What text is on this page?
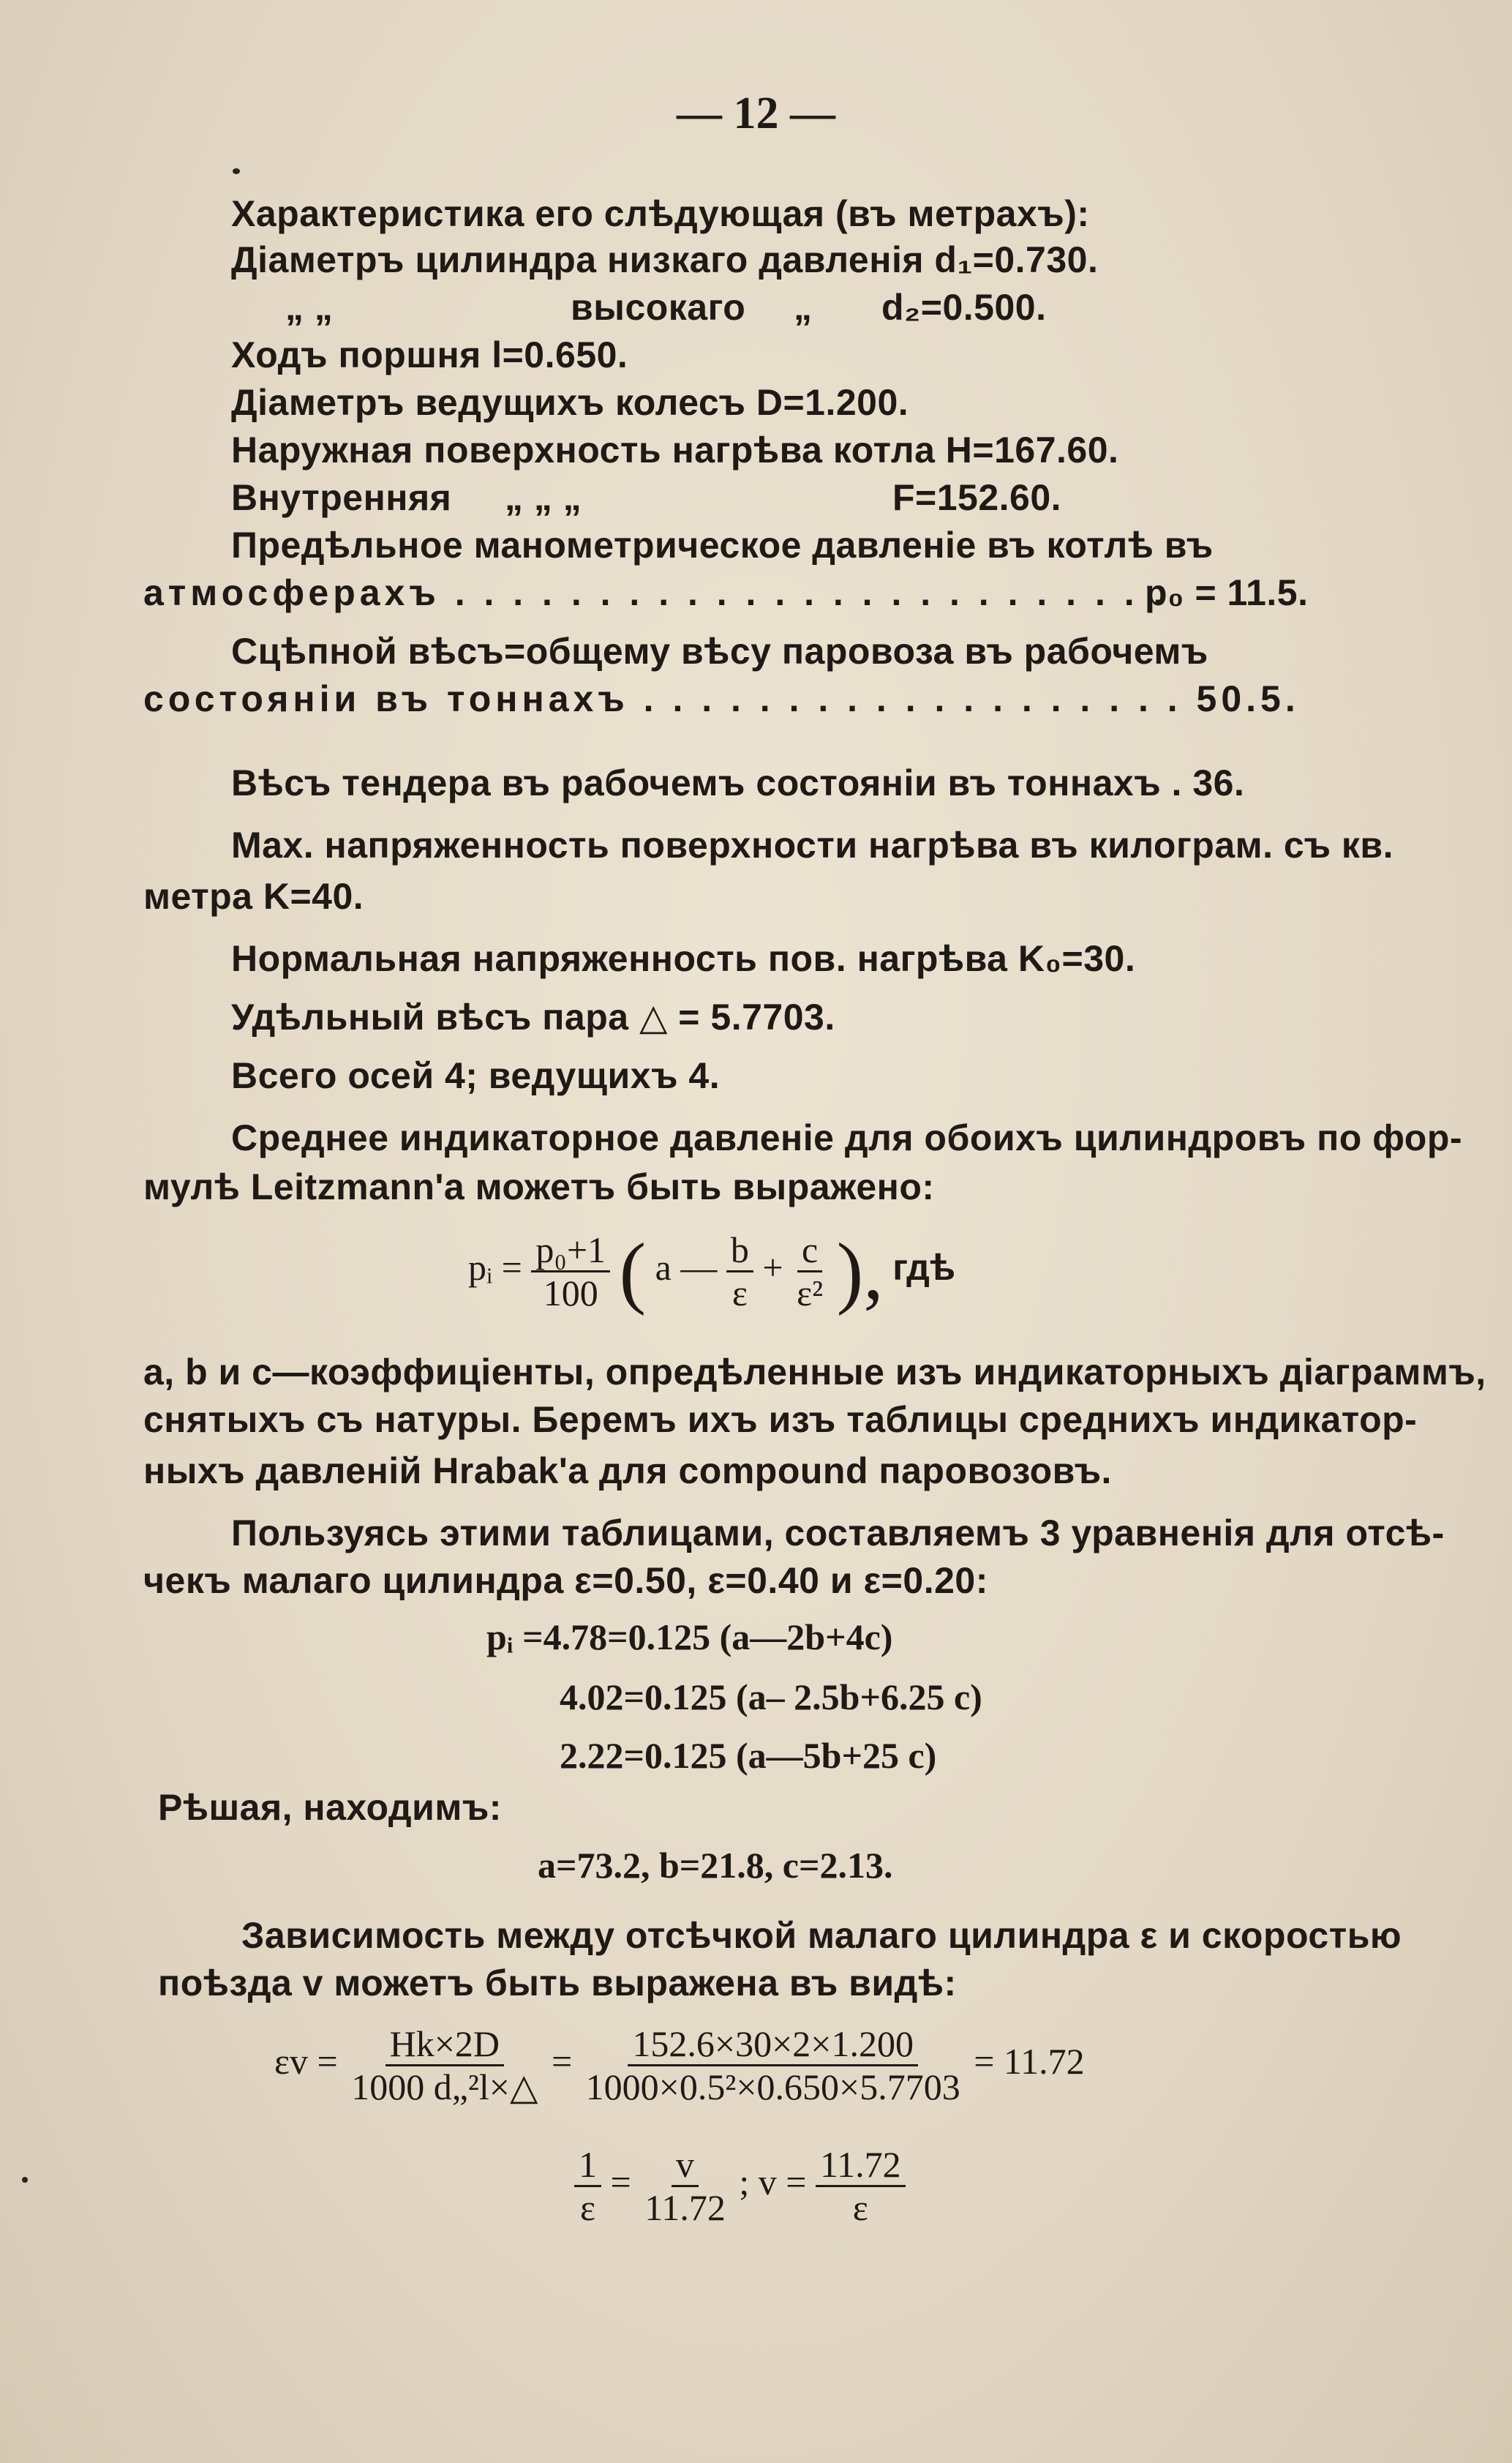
— 12 —
Характеристика его слѣдующая (въ метрахъ):
Діаметръ цилиндра низкаго давленія d₁=0.730.
„ „	высокаго „ d₂=0.500.
Ходъ поршня l=0.650.
Діаметръ ведущихъ колесъ D=1.200.
Наружная поверхность нагрѣва котла H=167.60.
Внутренняя „ „ „	F=152.60.
Предѣльное манометрическое давленіе въ котлѣ въ
атмосферахъ . . . . . . . . . . . . . . . . . . . . . . . . .
p₀ = 11.5.
Сцѣпной вѣсъ=общему вѣсу паровоза въ рабочемъ
состояніи въ тоннахъ . . . . . . . . . . . . . . . . . . . 50.5.
Вѣсъ тендера въ рабочемъ состояніи въ тоннахъ . 36.
Max. напряженность поверхности нагрѣва въ килограм. съ кв.
метра K=40.
Нормальная напряженность пов. нагрѣва K₀=30.
Удѣльный вѣсъ пара △ = 5.7703.
Всего осей 4; ведущихъ 4.
Среднее индикаторное давленіе для обоихъ цилиндровъ по фор-
мулѣ Leitzmann'а можетъ быть выражено:
pᵢ = $\frac{\text{p₀+1}}{100}$ ( a — $\frac{b}{\varepsilon} + \frac{c}{\text{ε²}}$ ), гдѣ
a, b и c—коэффиціенты, опредѣленные изъ индикаторныхъ діаграммъ,
снятыхъ съ натуры. Беремъ ихъ изъ таблицы среднихъ индикатор-
ныхъ давленій Hrabak'а для compound паровозовъ.
Пользуясь этими таблицами, составляемъ 3 уравненія для отсѣ-
чекъ малаго цилиндра ε=0.50, ε=0.40 и ε=0.20:
pᵢ =4.78=0.125 (a—2b+4c)
4.02=0.125 (a– 2.5b+6.25 c)
2.22=0.125 (a—5b+25 c)
Рѣшая, находимъ:
a=73.2, b=21.8, c=2.13.
Зависимость между отсѣчкой малаго цилиндра ε и скоростью
поѣзда v можетъ быть выражена въ видѣ:
$\varepsilon v = \frac{Hk\times 2D}{\text{1000 d„²l×△}} = \frac{152.6\times 30\times 2\times 1.200}{\text{1000×0.5²×0.650×5.7703}} = 11.72$
$\frac{1}{\varepsilon} = \frac{v}{11.72}$ ; $v = \frac{11.72}{\varepsilon}$
